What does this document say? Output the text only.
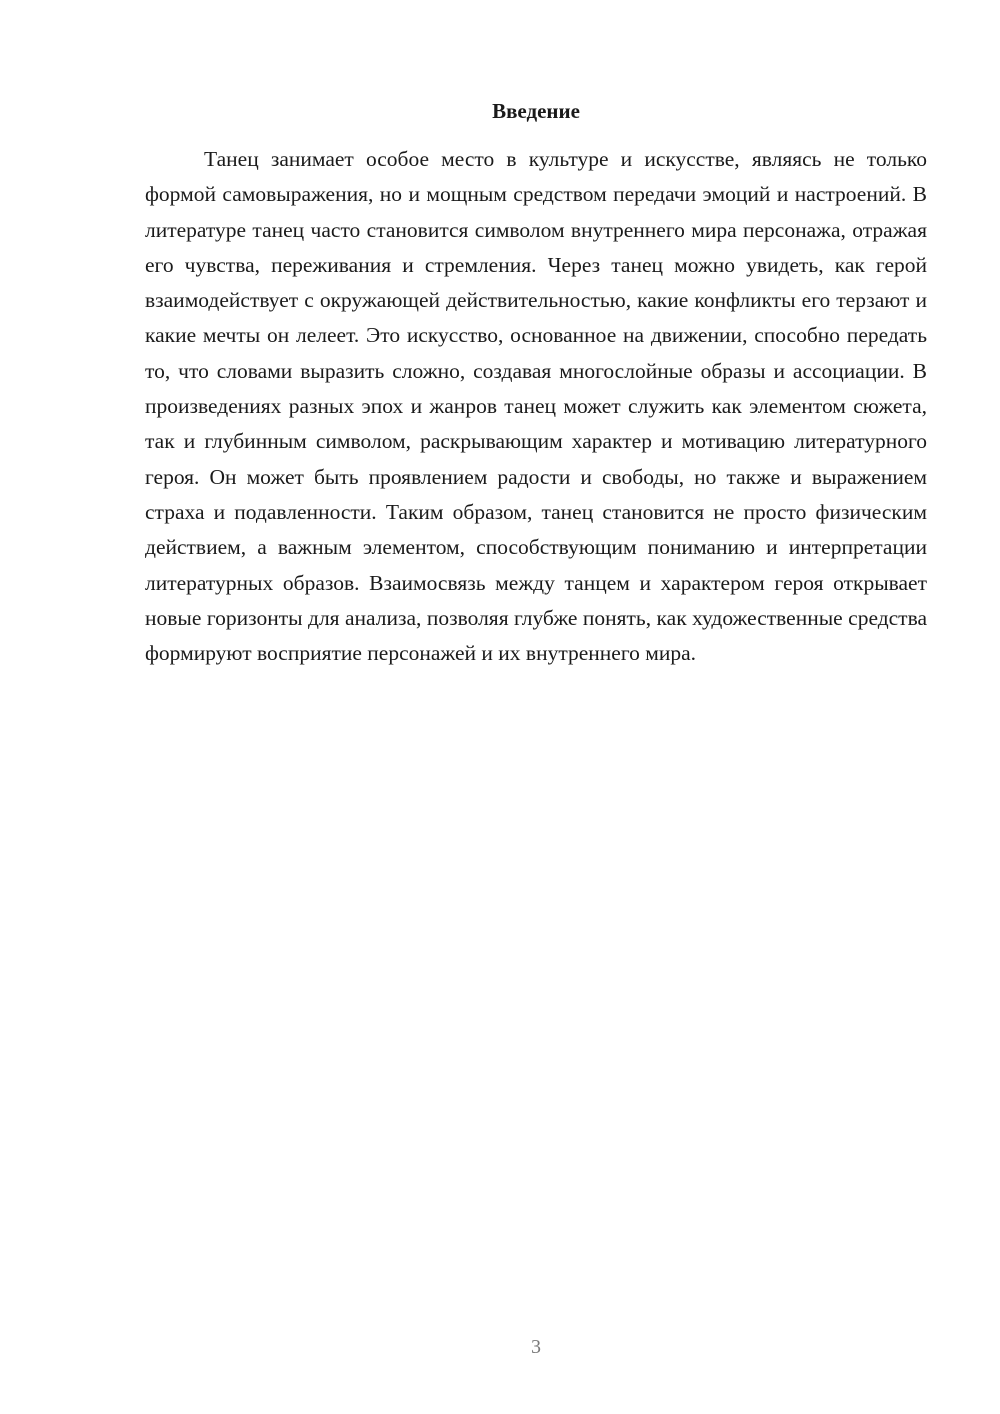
Введение

Танец занимает особое место в культуре и искусстве, являясь не только формой самовыражения, но и мощным средством передачи эмоций и настроений. В литературе танец часто становится символом внутреннего мира персонажа, отражая его чувства, переживания и стремления. Через танец можно увидеть, как герой взаимодействует с окружающей действительностью, какие конфликты его терзают и какие мечты он лелеет. Это искусство, основанное на движении, способно передать то, что словами выразить сложно, создавая многослойные образы и ассоциации. В произведениях разных эпох и жанров танец может служить как элементом сюжета, так и глубинным символом, раскрывающим характер и мотивацию литературного героя. Он может быть проявлением радости и свободы, но также и выражением страха и подавленности. Таким образом, танец становится не просто физическим действием, а важным элементом, способствующим пониманию и интерпретации литературных образов. Взаимосвязь между танцем и характером героя открывает новые горизонты для анализа, позволяя глубже понять, как художественные средства формируют восприятие персонажей и их внутреннего мира.

3
